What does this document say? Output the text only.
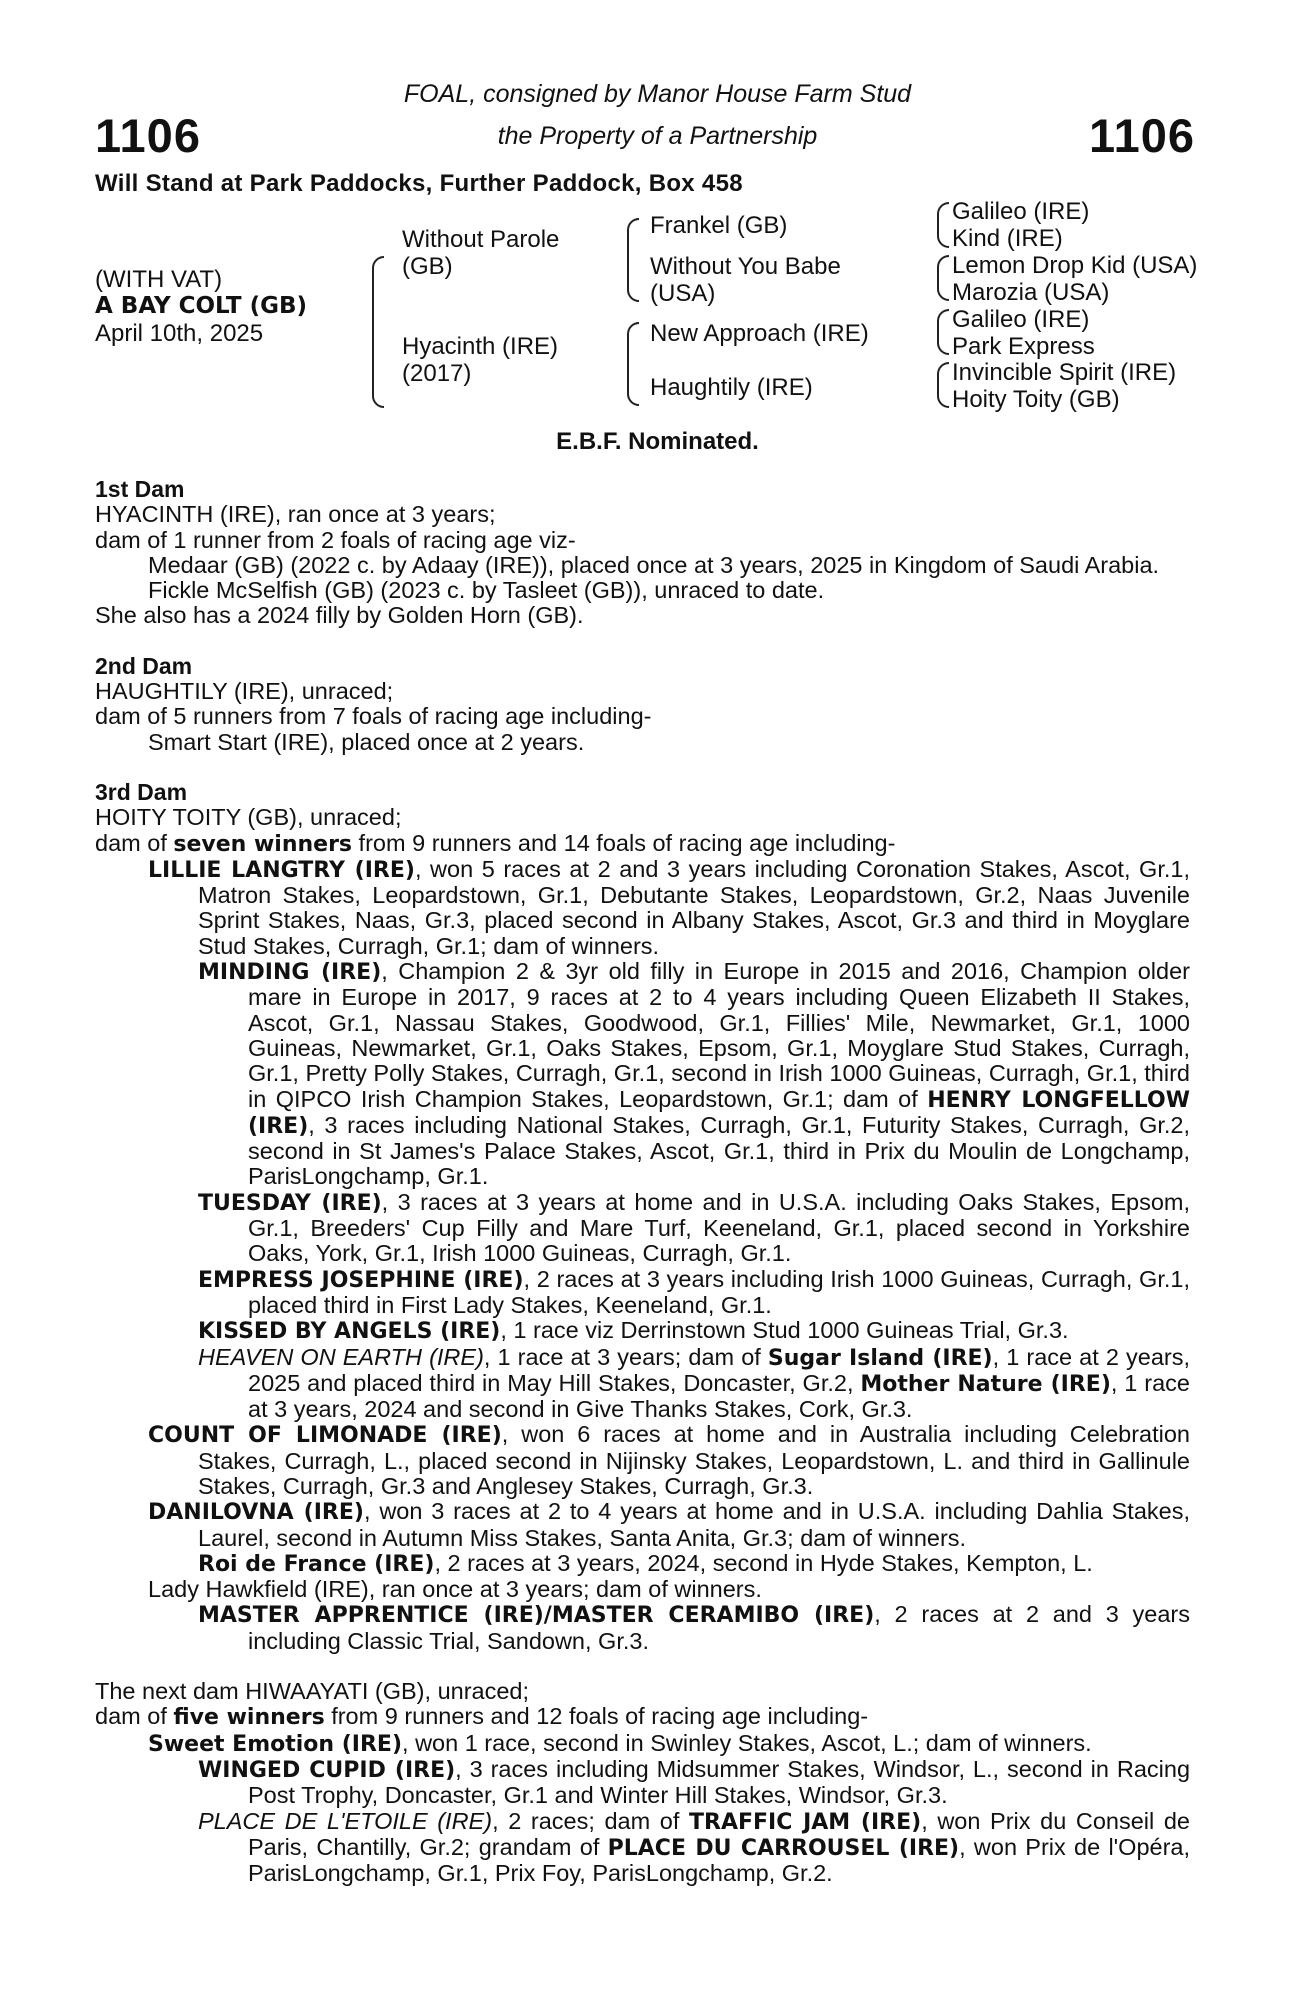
1106	1106
FOAL, consigned by Manor House Farm Stud
the Property of a Partnership
Will Stand at Park Paddocks, Further Paddock, Box 458
(WITH VAT)
A BAY COLT (GB)
April 10th, 2025
Without Parole
(GB)
Hyacinth (IRE)
(2017)
Frankel (GB)
Without You Babe
(USA)
New Approach (IRE)
Haughtily (IRE)
Galileo (IRE)
Kind (IRE)
Lemon Drop Kid (USA)
Marozia (USA)
Galileo (IRE)
Park Express
Invincible Spirit (IRE)
Hoity Toity (GB)
E.B.F. Nominated.

1st Dam

HYACINTH (IRE), ran once at 3 years;

dam of 1 runner from 2 foals of racing age viz-

Medaar (GB) (2022 c. by Adaay (IRE)), placed once at 3 years, 2025 in Kingdom of Saudi Arabia.

Fickle McSelfish (GB) (2023 c. by Tasleet (GB)), unraced to date.

She also has a 2024 filly by Golden Horn (GB).

2nd Dam

HAUGHTILY (IRE), unraced;

dam of 5 runners from 7 foals of racing age including-

Smart Start (IRE), placed once at 2 years.

3rd Dam

HOITY TOITY (GB), unraced;

dam of seven winners from 9 runners and 14 foals of racing age including-

LILLIE LANGTRY (IRE), won 5 races at 2 and 3 years including Coronation Stakes, Ascot, Gr.1, Matron Stakes, Leopardstown, Gr.1, Debutante Stakes, Leopardstown, Gr.2, Naas Juvenile Sprint Stakes, Naas, Gr.3, placed second in Albany Stakes, Ascot, Gr.3 and third in Moyglare Stud Stakes, Curragh, Gr.1; dam of winners.

MINDING (IRE), Champion 2 & 3yr old filly in Europe in 2015 and 2016, Champion older mare in Europe in 2017, 9 races at 2 to 4 years including Queen Elizabeth II Stakes, Ascot, Gr.1, Nassau Stakes, Goodwood, Gr.1, Fillies' Mile, Newmarket, Gr.1, 1000 Guineas, Newmarket, Gr.1, Oaks Stakes, Epsom, Gr.1, Moyglare Stud Stakes, Curragh, Gr.1, Pretty Polly Stakes, Curragh, Gr.1, second in Irish 1000 Guineas, Curragh, Gr.1, third in QIPCO Irish Champion Stakes, Leopardstown, Gr.1; dam of HENRY LONGFELLOW (IRE), 3 races including National Stakes, Curragh, Gr.1, Futurity Stakes, Curragh, Gr.2, second in St James's Palace Stakes, Ascot, Gr.1, third in Prix du Moulin de Longchamp, ParisLongchamp, Gr.1.

TUESDAY (IRE), 3 races at 3 years at home and in U.S.A. including Oaks Stakes, Epsom, Gr.1, Breeders' Cup Filly and Mare Turf, Keeneland, Gr.1, placed second in Yorkshire Oaks, York, Gr.1, Irish 1000 Guineas, Curragh, Gr.1.

EMPRESS JOSEPHINE (IRE), 2 races at 3 years including Irish 1000 Guineas, Curragh, Gr.1, placed third in First Lady Stakes, Keeneland, Gr.1.

KISSED BY ANGELS (IRE), 1 race viz Derrinstown Stud 1000 Guineas Trial, Gr.3.

HEAVEN ON EARTH (IRE), 1 race at 3 years; dam of Sugar Island (IRE), 1 race at 2 years, 2025 and placed third in May Hill Stakes, Doncaster, Gr.2, Mother Nature (IRE), 1 race at 3 years, 2024 and second in Give Thanks Stakes, Cork, Gr.3.

COUNT OF LIMONADE (IRE), won 6 races at home and in Australia including Celebration Stakes, Curragh, L., placed second in Nijinsky Stakes, Leopardstown, L. and third in Gallinule Stakes, Curragh, Gr.3 and Anglesey Stakes, Curragh, Gr.3.

DANILOVNA (IRE), won 3 races at 2 to 4 years at home and in U.S.A. including Dahlia Stakes, Laurel, second in Autumn Miss Stakes, Santa Anita, Gr.3; dam of winners.

Roi de France (IRE), 2 races at 3 years, 2024, second in Hyde Stakes, Kempton, L.

Lady Hawkfield (IRE), ran once at 3 years; dam of winners.

MASTER APPRENTICE (IRE)/MASTER CERAMIBO (IRE), 2 races at 2 and 3 years including Classic Trial, Sandown, Gr.3.

The next dam HIWAAYATI (GB), unraced;

dam of five winners from 9 runners and 12 foals of racing age including-

Sweet Emotion (IRE), won 1 race, second in Swinley Stakes, Ascot, L.; dam of winners.

WINGED CUPID (IRE), 3 races including Midsummer Stakes, Windsor, L., second in Racing Post Trophy, Doncaster, Gr.1 and Winter Hill Stakes, Windsor, Gr.3.

PLACE DE L'ETOILE (IRE), 2 races; dam of TRAFFIC JAM (IRE), won Prix du Conseil de Paris, Chantilly, Gr.2; grandam of PLACE DU CARROUSEL (IRE), won Prix de l'Opéra, ParisLongchamp, Gr.1, Prix Foy, ParisLongchamp, Gr.2.
